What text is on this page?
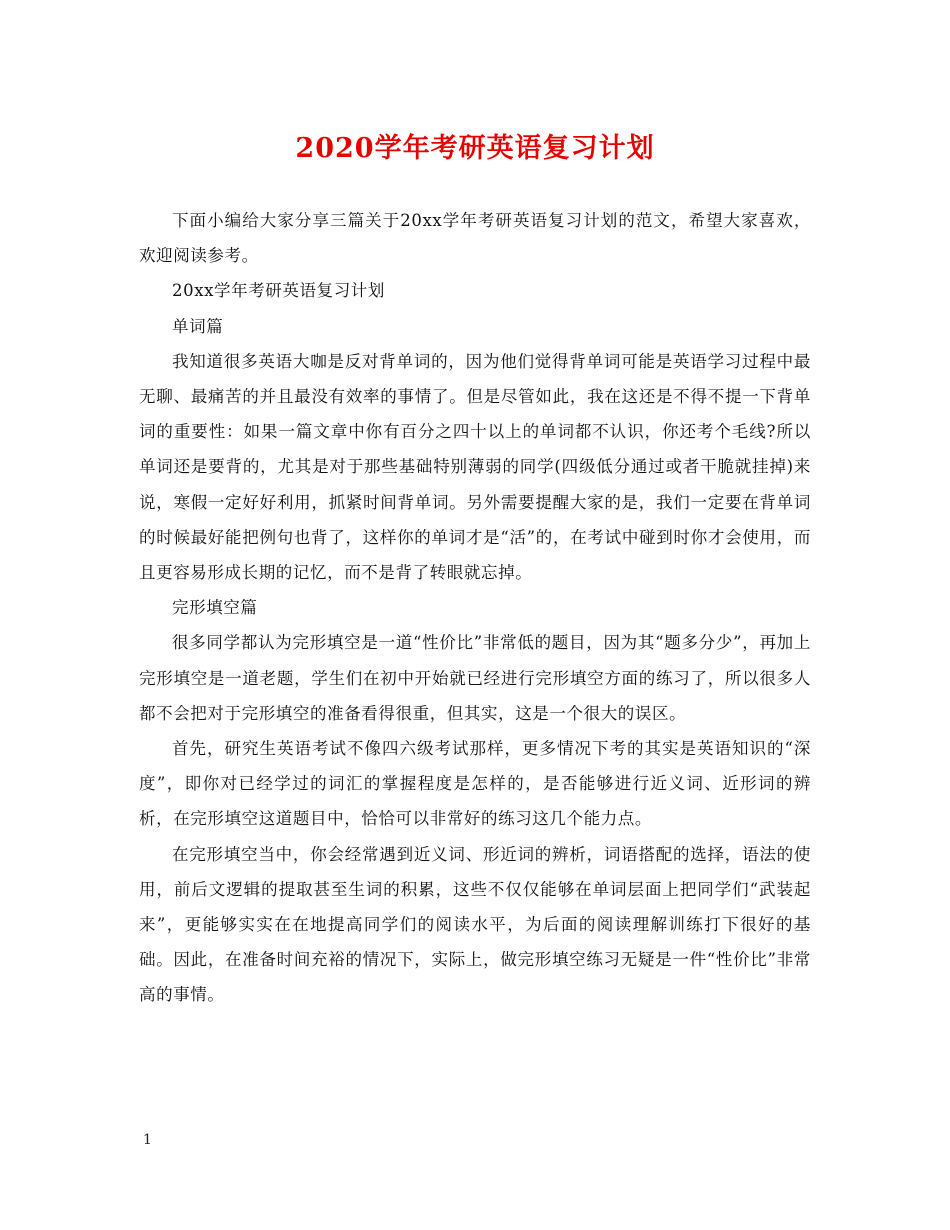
2020学年考研英语复习计划

下面小编给大家分享三篇关于20xx学年考研英语复习计划的范文，希望大家喜欢，欢迎阅读参考。

20xx学年考研英语复习计划

单词篇

我知道很多英语大咖是反对背单词的，因为他们觉得背单词可能是英语学习过程中最无聊、最痛苦的并且最没有效率的事情了。但是尽管如此，我在这还是不得不提一下背单词的重要性：如果一篇文章中你有百分之四十以上的单词都不认识，你还考个毛线?所以单词还是要背的，尤其是对于那些基础特别薄弱的同学(四级低分通过或者干脆就挂掉)来说，寒假一定好好利用，抓紧时间背单词。另外需要提醒大家的是，我们一定要在背单词的时候最好能把例句也背了，这样你的单词才是“活”的，在考试中碰到时你才会使用，而且更容易形成长期的记忆，而不是背了转眼就忘掉。

完形填空篇

很多同学都认为完形填空是一道“性价比”非常低的题目，因为其“题多分少”，再加上完形填空是一道老题，学生们在初中开始就已经进行完形填空方面的练习了，所以很多人都不会把对于完形填空的准备看得很重，但其实，这是一个很大的误区。

首先，研究生英语考试不像四六级考试那样，更多情况下考的其实是英语知识的“深度”，即你对已经学过的词汇的掌握程度是怎样的，是否能够进行近义词、近形词的辨析，在完形填空这道题目中，恰恰可以非常好的练习这几个能力点。

在完形填空当中，你会经常遇到近义词、形近词的辨析，词语搭配的选择，语法的使用，前后文逻辑的提取甚至生词的积累，这些不仅仅能够在单词层面上把同学们“武装起来”，更能够实实在在地提高同学们的阅读水平，为后面的阅读理解训练打下很好的基础。因此，在准备时间充裕的情况下，实际上，做完形填空练习无疑是一件“性价比”非常高的事情。

1
